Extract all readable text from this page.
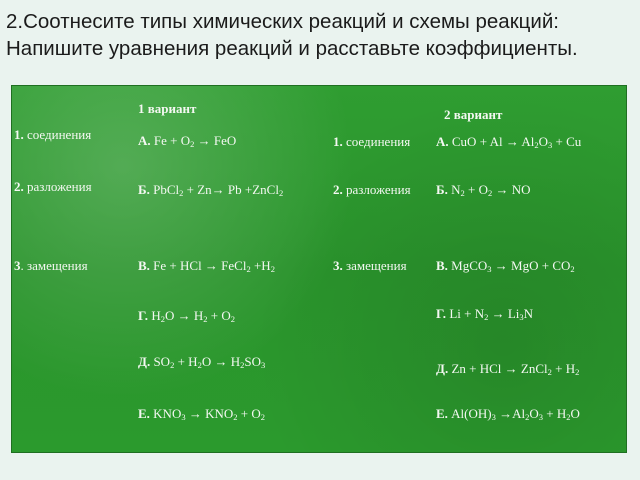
2.Соотнесите типы химических реакций и схемы реакций:
Напишите уравнения реакций и расставьте коэффициенты.
1 вариант
1. соединения
2. разложения
3. замещения
А. $Fe + O_2$ → FeO
Б. PbCl$_2$ + Zn→ Pb +ZnCl$_2$
В. Fe + HCl → FeCl$_2$ $+H_2$
Г. $H_2O \to H_2 + O_2$
Д. $SO_2 + H_2O \to H_2SO_3$
Е. $KNO_3 \to KNO_2 + O_2$
2 вариант
1. соединения
2. разложения
3. замещения
А. CuO + $Al \to Al_2O_3 + Cu$
Б. $N_2 + O_2$ → NO
В. MgCO$_3$ → MgO + $CO_2$
Г. $Li + N_2 \to Li_3N$
Д. Zn + HCl → ZnCl$_2$ + $H_2$
Е. $Al(OH)_3 \to Al_2O_3 + H_2O$
